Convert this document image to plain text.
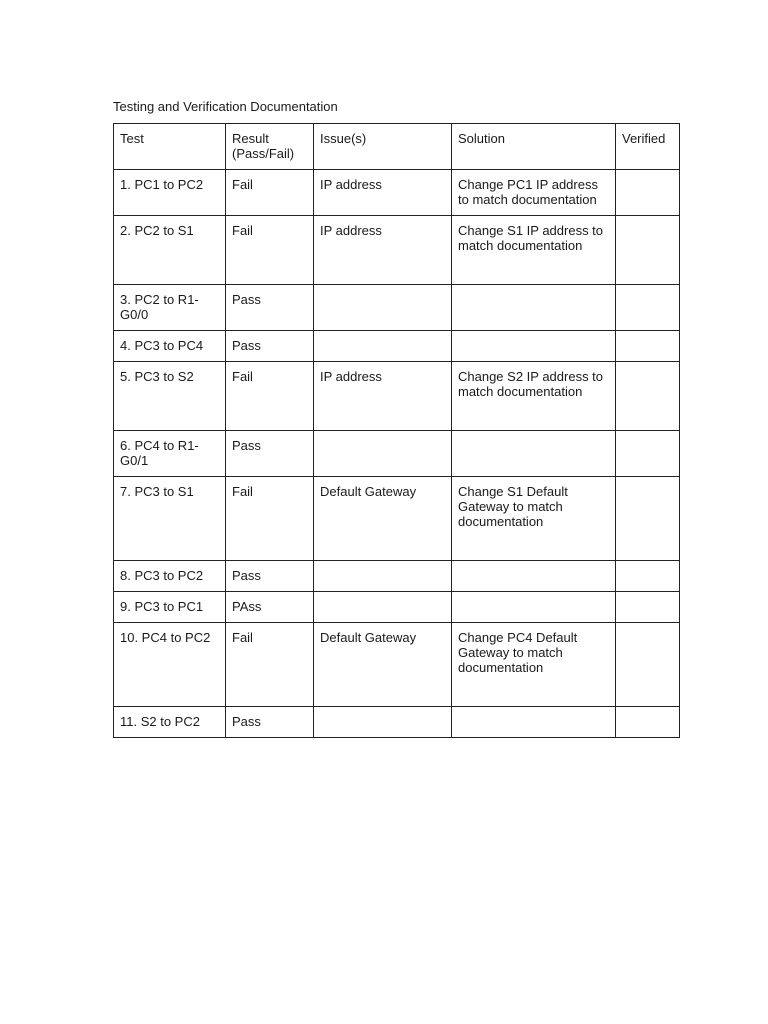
Testing and Verification Documentation
Test	Result (Pass/Fail)	Issue(s)	Solution	Verified
1. PC1 to PC2	Fail	IP address	Change PC1 IP address to match documentation	
2. PC2 to S1	Fail	IP address	Change S1 IP address to match documentation	
3. PC2 to R1-G0/0	Pass			
4. PC3 to PC4	Pass			
5. PC3 to S2	Fail	IP address	Change S2 IP address to match documentation	
6. PC4 to R1-G0/1	Pass			
7. PC3 to S1	Fail	Default Gateway	Change S1 Default Gateway to match documentation	
8. PC3 to PC2	Pass			
9. PC3 to PC1	PAss			
10. PC4 to PC2	Fail	Default Gateway	Change PC4 Default Gateway to match documentation	
11. S2 to PC2	Pass			
